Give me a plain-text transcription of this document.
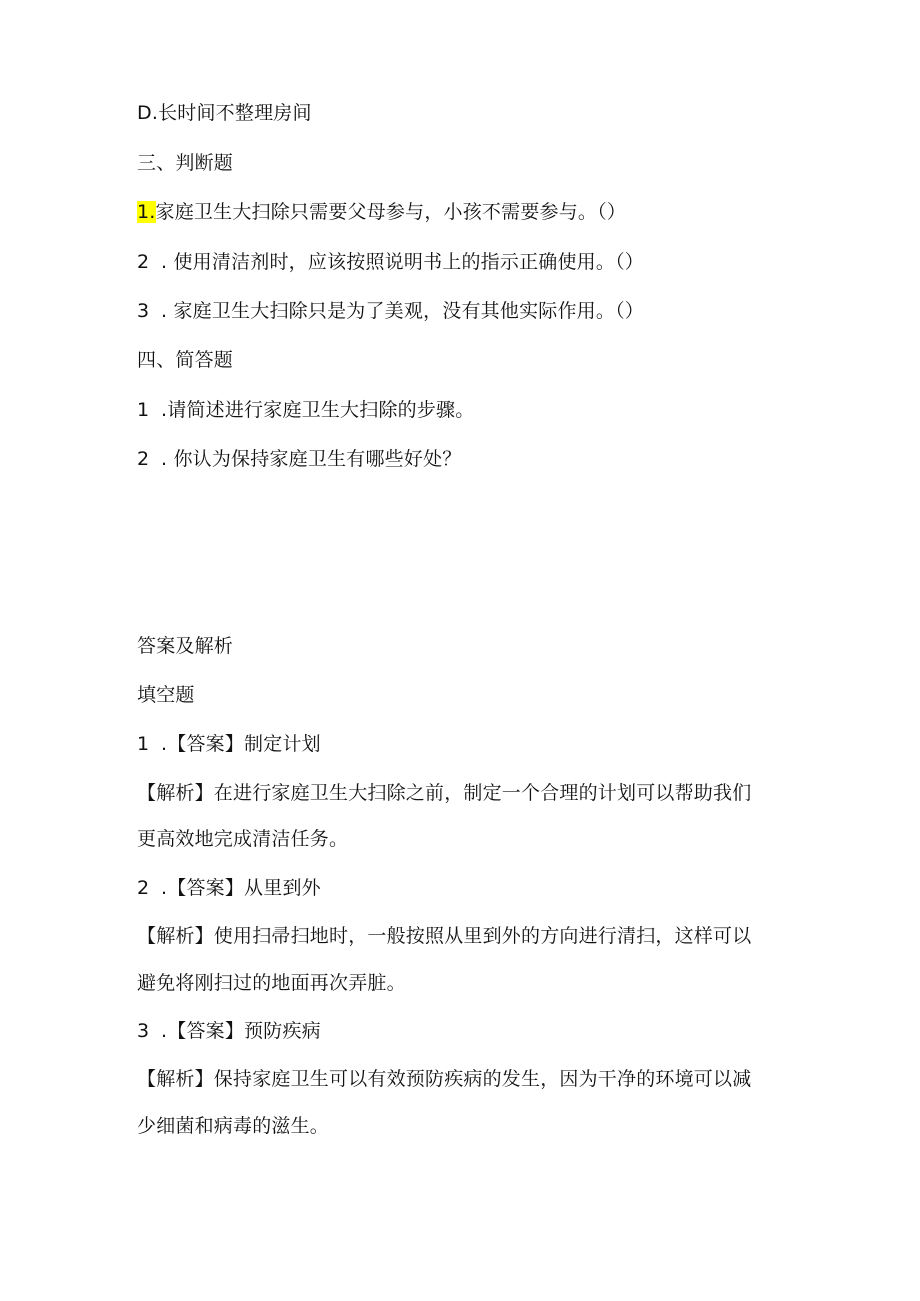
D.长时间不整理房间
三、判断题
1.家庭卫生大扫除只需要父母参与，小孩不需要参与。（）
2 . 使用清洁剂时，应该按照说明书上的指示正确使用。（）
3 . 家庭卫生大扫除只是为了美观，没有其他实际作用。（）
四、简答题
1 .请简述进行家庭卫生大扫除的步骤。
2 . 你认为保持家庭卫生有哪些好处？
答案及解析
填空题
1 .【答案】制定计划
【解析】在进行家庭卫生大扫除之前，制定一个合理的计划可以帮助我们
更高效地完成清洁任务。
2 .【答案】从里到外
【解析】使用扫帚扫地时，一般按照从里到外的方向进行清扫，这样可以
避免将刚扫过的地面再次弄脏。
3 .【答案】预防疾病
【解析】保持家庭卫生可以有效预防疾病的发生，因为干净的环境可以减
少细菌和病毒的滋生。
